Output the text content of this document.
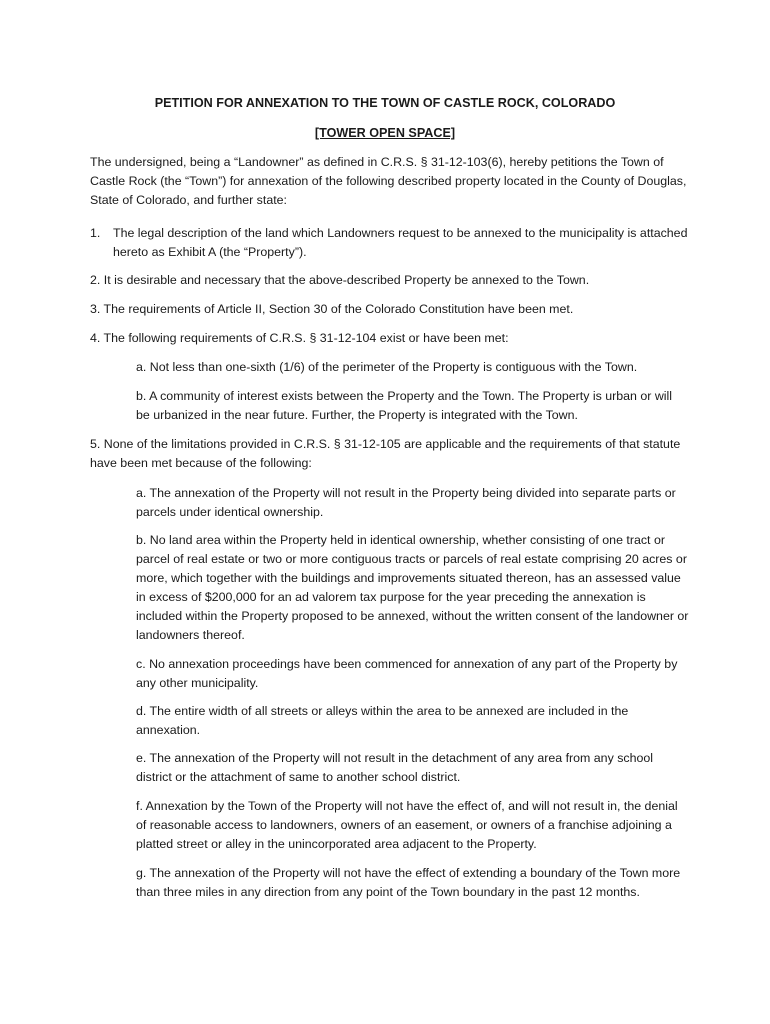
PETITION FOR ANNEXATION TO THE TOWN OF CASTLE ROCK, COLORADO

[TOWER OPEN SPACE]

The undersigned, being a “Landowner” as defined in C.R.S. § 31-12-103(6), hereby petitions the Town of Castle Rock (the “Town”) for annexation of the following described property located in the County of Douglas, State of Colorado, and further state:

1. The legal description of the land which Landowners request to be annexed to the municipality is attached hereto as Exhibit A (the “Property”).

2. It is desirable and necessary that the above-described Property be annexed to the Town.

3. The requirements of Article II, Section 30 of the Colorado Constitution have been met.

4. The following requirements of C.R.S. § 31-12-104 exist or have been met:

a. Not less than one-sixth (1/6) of the perimeter of the Property is contiguous with the Town.

b. A community of interest exists between the Property and the Town. The Property is urban or will be urbanized in the near future. Further, the Property is integrated with the Town.

5. None of the limitations provided in C.R.S. § 31-12-105 are applicable and the requirements of that statute have been met because of the following:

a. The annexation of the Property will not result in the Property being divided into separate parts or parcels under identical ownership.

b. No land area within the Property held in identical ownership, whether consisting of one tract or parcel of real estate or two or more contiguous tracts or parcels of real estate comprising 20 acres or more, which together with the buildings and improvements situated thereon, has an assessed value in excess of $200,000 for an ad valorem tax purpose for the year preceding the annexation is included within the Property proposed to be annexed, without the written consent of the landowner or landowners thereof.

c. No annexation proceedings have been commenced for annexation of any part of the Property by any other municipality.

d. The entire width of all streets or alleys within the area to be annexed are included in the annexation.

e. The annexation of the Property will not result in the detachment of any area from any school district or the attachment of same to another school district.

f. Annexation by the Town of the Property will not have the effect of, and will not result in, the denial of reasonable access to landowners, owners of an easement, or owners of a franchise adjoining a platted street or alley in the unincorporated area adjacent to the Property.

g. The annexation of the Property will not have the effect of extending a boundary of the Town more than three miles in any direction from any point of the Town boundary in the past 12 months.
